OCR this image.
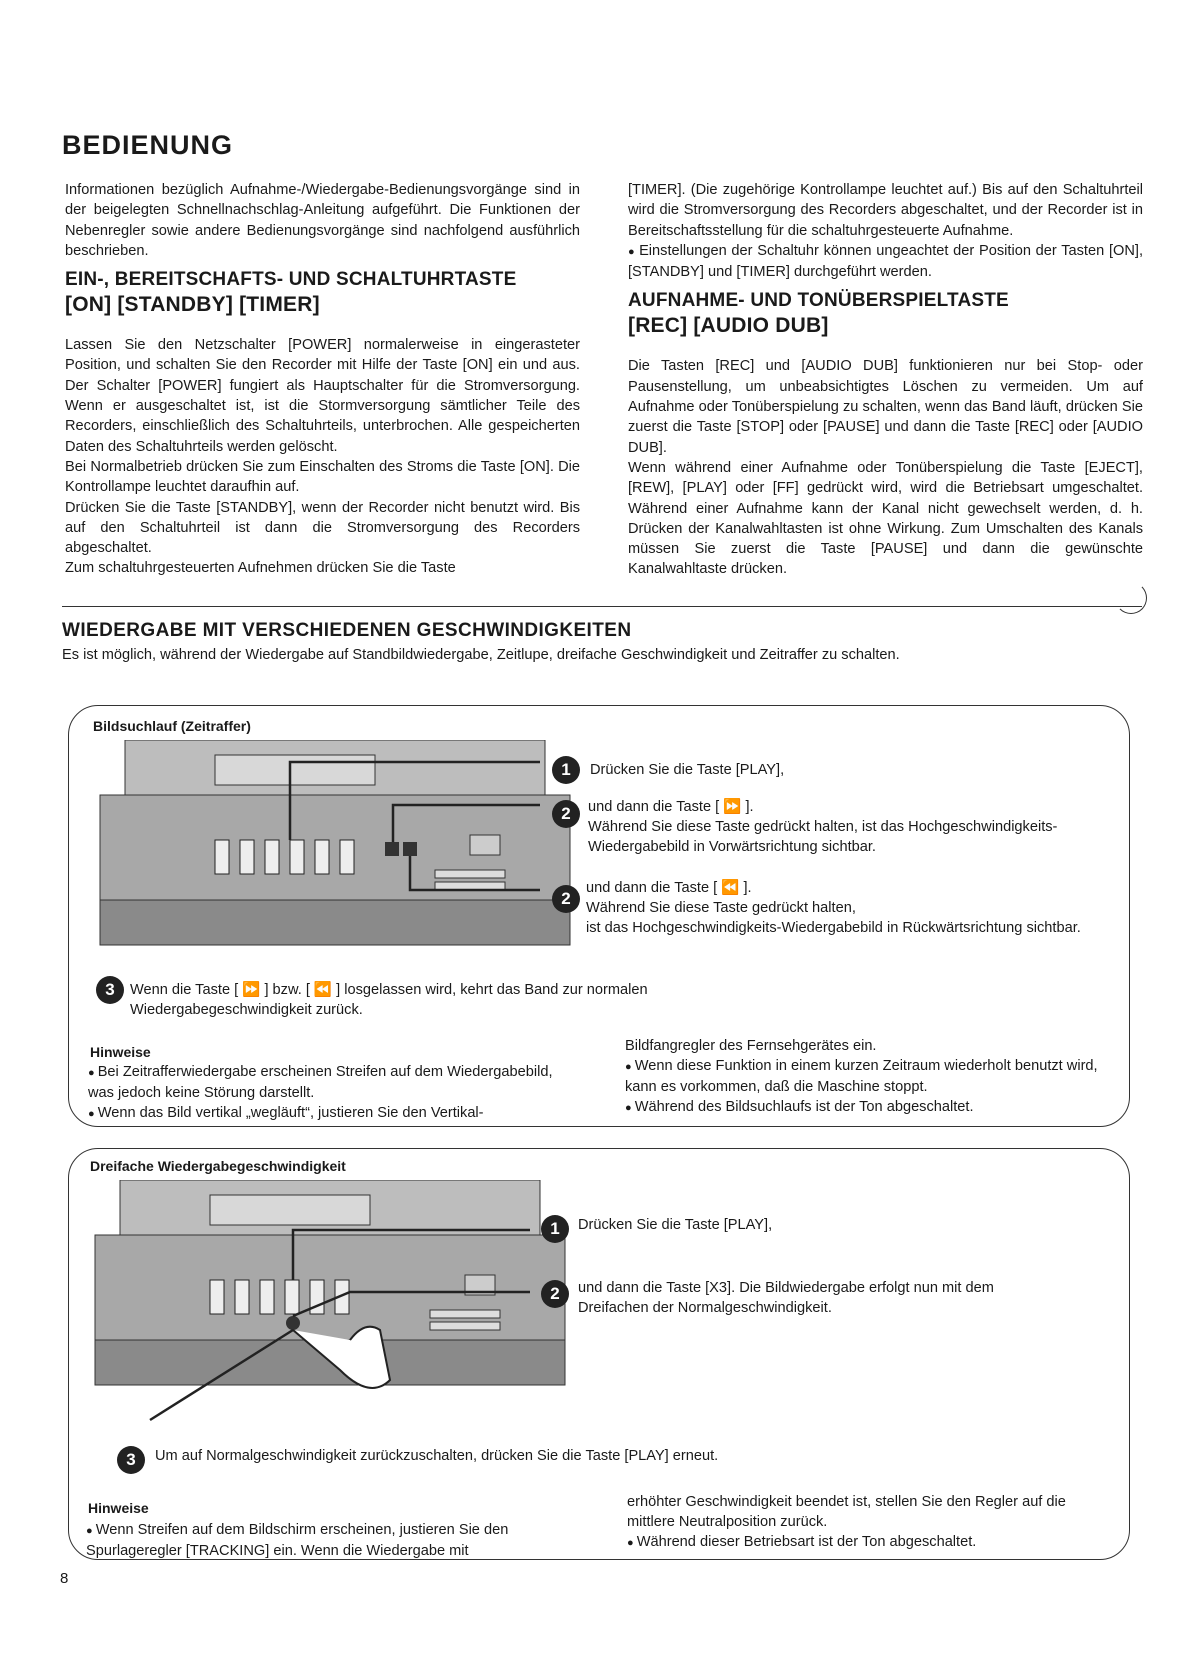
BEDIENUNG

Informationen bezüglich Aufnahme-/Wiedergabe-Bedienungsvorgänge sind in der beigelegten Schnellnachschlag-Anleitung aufgeführt. Die Funktionen der Nebenregler sowie andere Bedienungsvorgänge sind nachfolgend ausführlich beschrieben.

EIN-, BEREITSCHAFTS- UND SCHALTUHRTASTE
[ON] [STANDBY] [TIMER]

Lassen Sie den Netzschalter [POWER] normalerweise in eingerasteter Position, und schalten Sie den Recorder mit Hilfe der Taste [ON] ein und aus. Der Schalter [POWER] fungiert als Hauptschalter für die Stromversorgung. Wenn er ausgeschaltet ist, ist die Stormversorgung sämtlicher Teile des Recorders, einschließlich des Schaltuhrteils, unterbrochen. Alle gespeicherten Daten des Schaltuhrteils werden gelöscht.

Bei Normalbetrieb drücken Sie zum Einschalten des Stroms die Taste [ON]. Die Kontrollampe leuchtet daraufhin auf.

Drücken Sie die Taste [STANDBY], wenn der Recorder nicht benutzt wird. Bis auf den Schaltuhrteil ist dann die Stromversorgung des Recorders abgeschaltet.

Zum schaltuhrgesteuerten Aufnehmen drücken Sie die Taste

[TIMER]. (Die zugehörige Kontrollampe leuchtet auf.) Bis auf den Schaltuhrteil wird die Stromversorgung des Recorders abgeschaltet, und der Recorder ist in Bereitschaftsstellung für die schaltuhrgesteuerte Aufnahme.

● Einstellungen der Schaltuhr können ungeachtet der Position der Tasten [ON], [STANDBY] und [TIMER] durchgeführt werden.

AUFNAHME- UND TONÜBERSPIELTASTE
[REC] [AUDIO DUB]

Die Tasten [REC] und [AUDIO DUB] funktionieren nur bei Stop- oder Pausenstellung, um unbeabsichtigtes Löschen zu vermeiden. Um auf Aufnahme oder Tonüberspielung zu schalten, wenn das Band läuft, drücken Sie zuerst die Taste [STOP] oder [PAUSE] und dann die Taste [REC] oder [AUDIO DUB].

Wenn während einer Aufnahme oder Tonüberspielung die Taste [EJECT],[REW], [PLAY] oder [FF] gedrückt wird, wird die Betriebsart umgeschaltet. Während einer Aufnahme kann der Kanal nicht gewechselt werden, d. h. Drücken der Kanalwahltasten ist ohne Wirkung. Zum Umschalten des Kanals müssen Sie zuerst die Taste [PAUSE] und dann die gewünschte Kanalwahltaste drücken.

WIEDERGABE MIT VERSCHIEDENEN GESCHWINDIGKEITEN
Es ist möglich, während der Wiedergabe auf Standbildwiedergabe, Zeitlupe, dreifache Geschwindigkeit und Zeitraffer zu schalten.
Bildsuchlauf (Zeitraffer)
1	Drücken Sie die Taste [PLAY],
2	und dann die Taste [ ⏩ ].
Während Sie diese Taste gedrückt halten, ist das Hochgeschwindigkeits-Wiedergabebild in Vorwärtsrichtung sichtbar.
2
und dann die Taste [ ⏪ ].
Während Sie diese Taste gedrückt halten,
ist das Hochgeschwindigkeits-Wiedergabebild in Rückwärtsrichtung sichtbar.
3	Wenn die Taste [ ⏩ ] bzw. [ ⏪ ] losgelassen wird, kehrt das Band zur normalen Wiedergabegeschwindigkeit zurück.
Hinweise
● Bei Zeitrafferwiedergabe erscheinen Streifen auf dem Wiedergabebild, was jedoch keine Störung darstellt.
● Wenn das Bild vertikal „wegläuft“, justieren Sie den Vertikal-
Bildfangregler des Fernsehgerätes ein.
● Wenn diese Funktion in einem kurzen Zeitraum wiederholt benutzt wird, kann es vorkommen, daß die Maschine stoppt.
● Während des Bildsuchlaufs ist der Ton abgeschaltet.
Dreifache Wiedergabegeschwindigkeit
1	Drücken Sie die Taste [PLAY],
2	und dann die Taste [X3]. Die Bildwiedergabe erfolgt nun mit dem Dreifachen der Normalgeschwindigkeit.
3	Um auf Normalgeschwindigkeit zurückzuschalten, drücken Sie die Taste [PLAY] erneut.
Hinweise
● Wenn Streifen auf dem Bildschirm erscheinen, justieren Sie den Spurlageregler [TRACKING] ein. Wenn die Wiedergabe mit
erhöhter Geschwindigkeit beendet ist, stellen Sie den Regler auf die mittlere Neutralposition zurück.
● Während dieser Betriebsart ist der Ton abgeschaltet.
8
